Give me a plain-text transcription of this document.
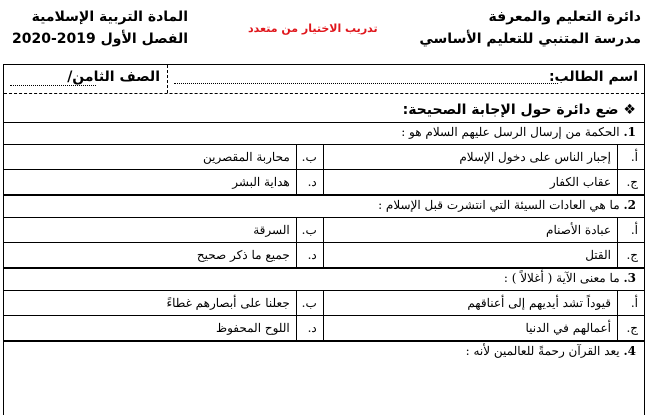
دائرة التعليم والمعرفة
مدرسة المتنبي للتعليم الأساسي
تدريب الاختيار من متعدد
المادة التربية الإسلامية
الفصل الأول 2019-2020
اسم الطالب:
الصف الثامن/
❖ ضع دائرة حول الإجابة الصحيحة:
1. الحكمة من إرسال الرسل عليهم السلام هو :
أ.	إجبار الناس على دخول الإسلام	ب.	محاربة المقصرين
ج.	عقاب الكفار	د.	هداية البشر
2. ما هي العادات السيئة التي انتشرت قبل الإسلام :
أ.	عبادة الأصنام	ب.	السرقة
ج.	القتل	د.	جميع ما ذكر صحيح
3. ما معنى الآية ( أغلالاً ) :
أ.	قيوداً تشد أيديهم إلى أعناقهم	ب.	جعلنا على أبصارهم غطاءً
ج.	أعمالهم في الدنيا	د.	اللوح المحفوظ
4. يعد القرآن رحمةً للعالمين لأنه :
